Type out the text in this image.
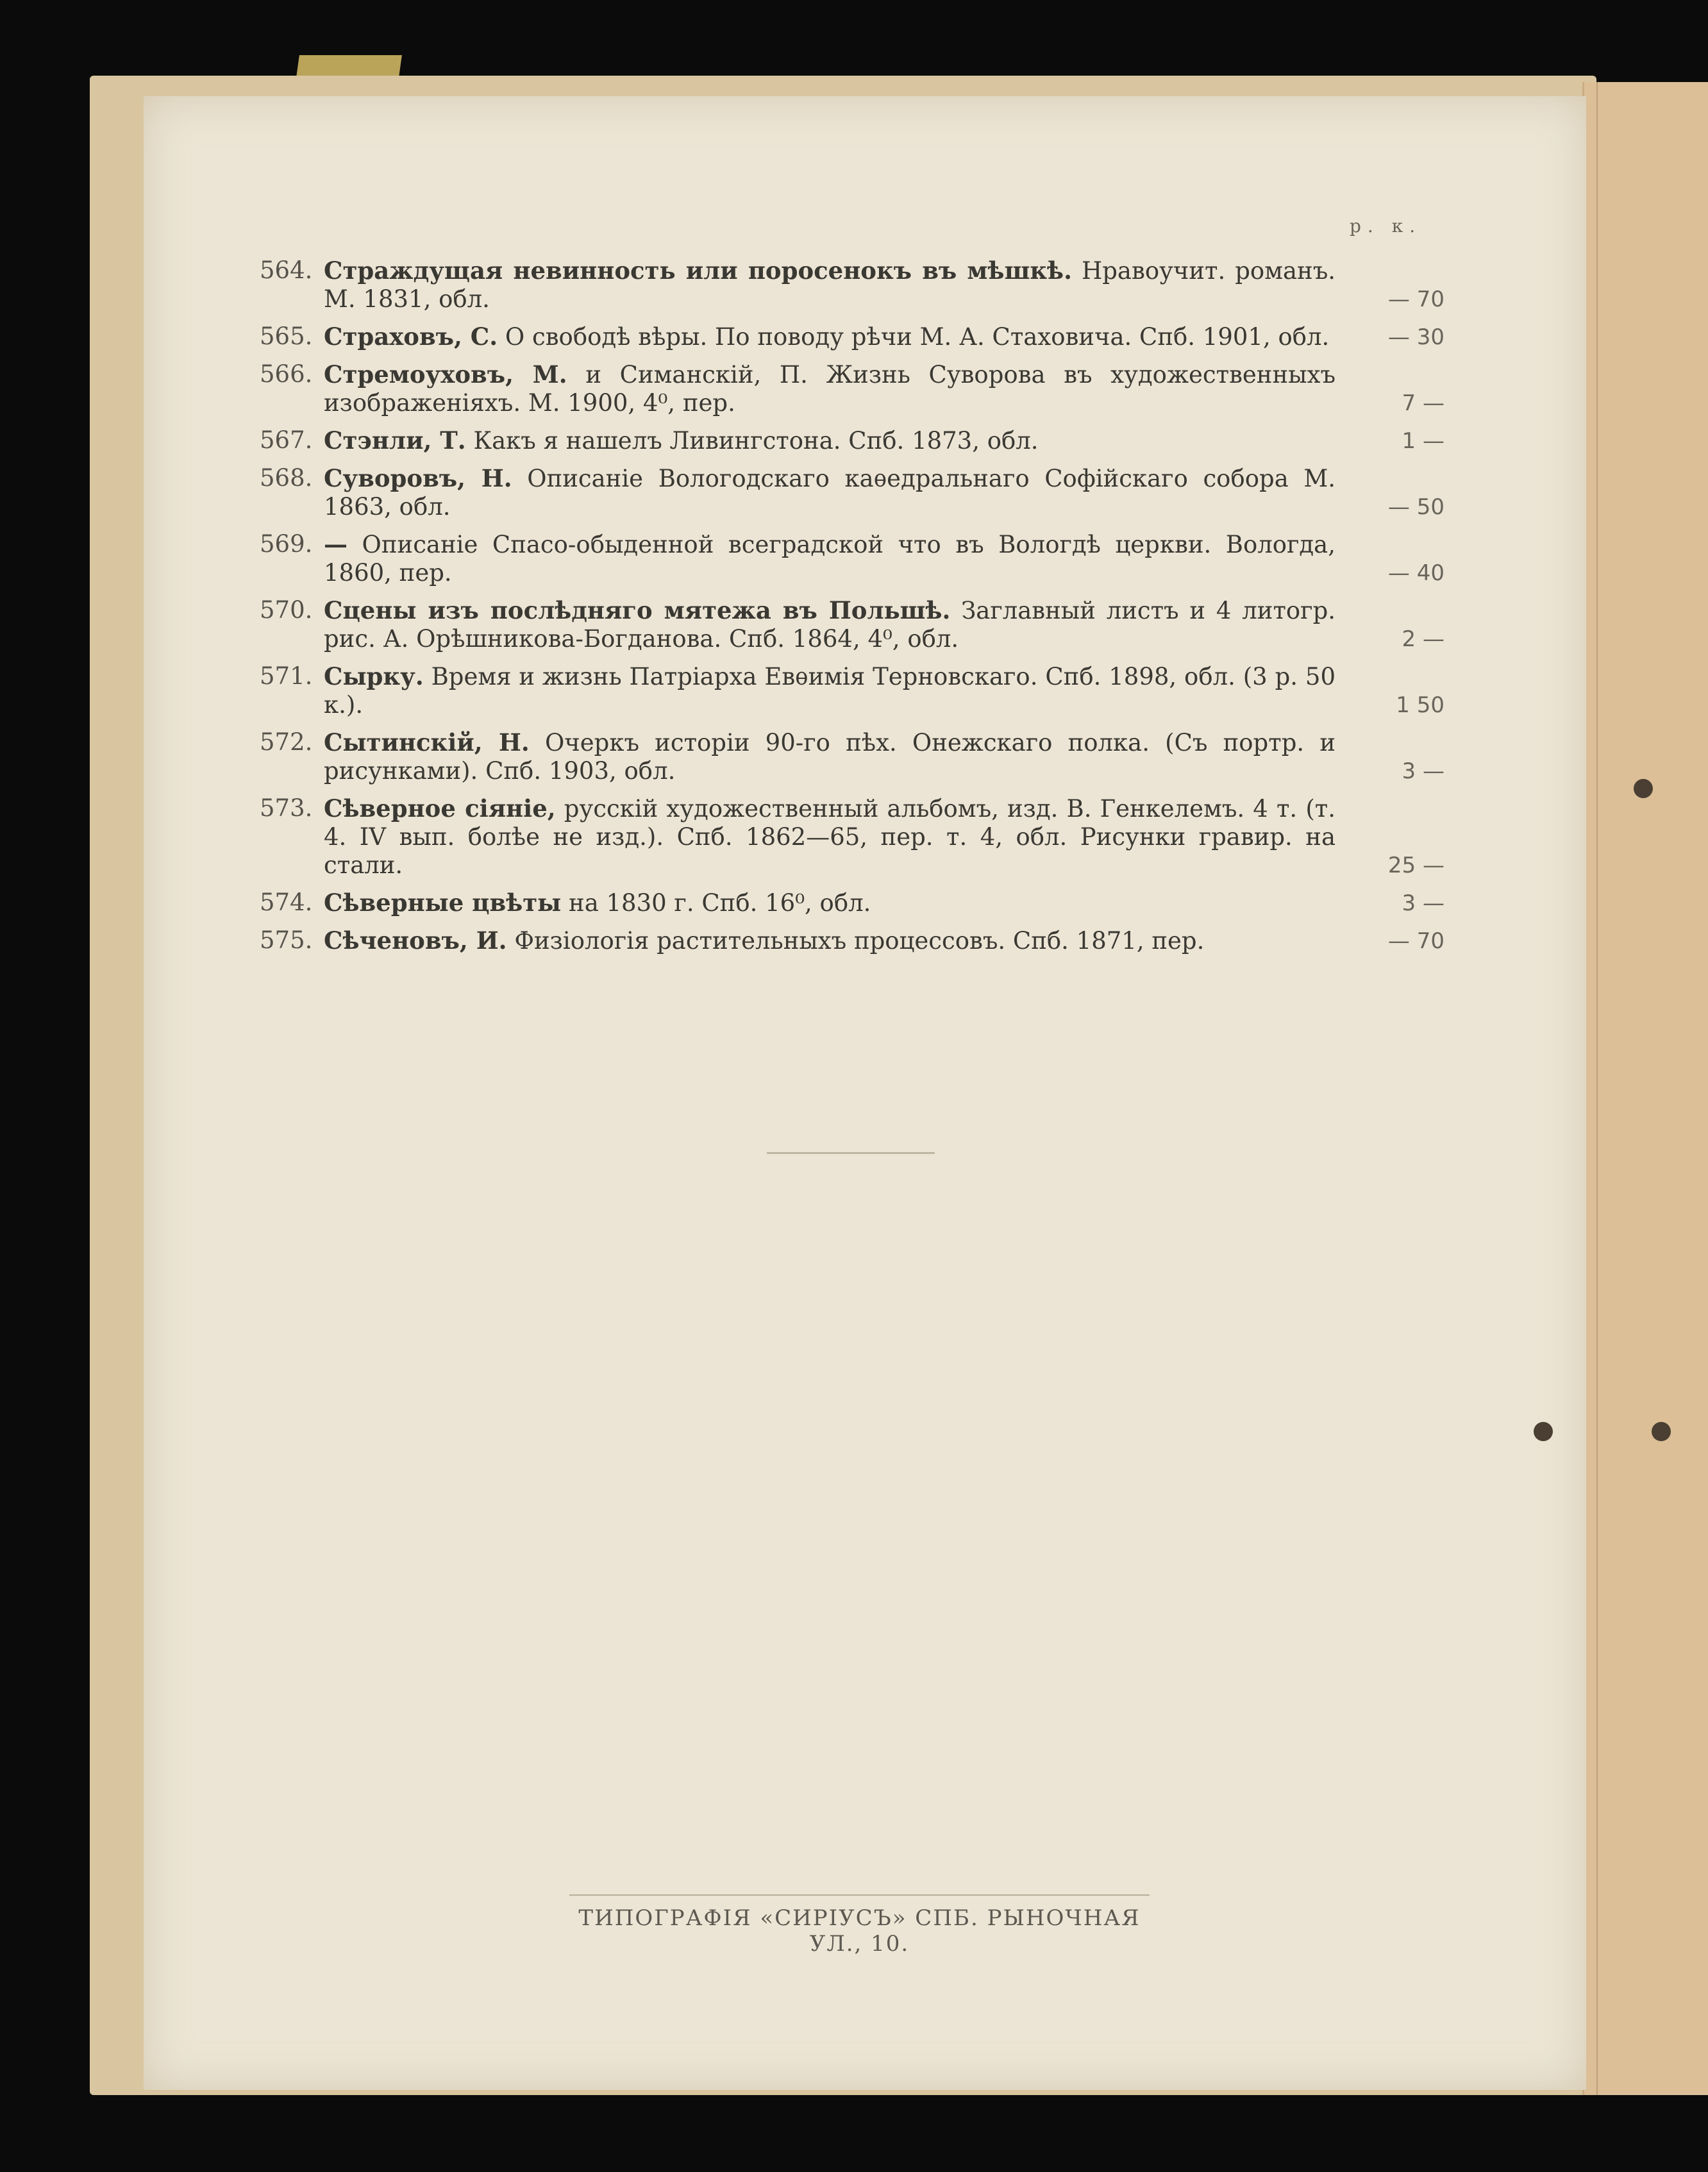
р. к.
564. Страждущая невинность или поросенокъ въ мѣшкѣ. Нравоучит. романъ. М. 1831, обл.	— 70
565. Страховъ, С. О свободѣ вѣры. По поводу рѣчи М. А. Стаховича. Спб. 1901, обл.	— 30
566. Стремоуховъ, М. и Симанскій, П. Жизнь Суворова въ художественныхъ изображеніяхъ. М. 1900, 4⁰, пер.	7 —
567. Стэнли, Т. Какъ я нашелъ Ливингстона. Спб. 1873, обл.	1 —
568. Суворовъ, Н. Описаніе Вологодскаго каѳедральнаго Софійскаго собора М. 1863, обл.	— 50
569. — Описаніе Спасо-обыденной всеградской что въ Вологдѣ церкви. Вологда, 1860, пер.	— 40
570. Сцены изъ послѣдняго мятежа въ Польшѣ. Заглавный листъ и 4 литогр. рис. А. Орѣшникова-Богданова. Спб. 1864, 4⁰, обл.	2 —
571. Сырку. Время и жизнь Патріарха Евѳимія Терновскаго. Спб. 1898, обл. (3 р. 50 к.).	1 50
572. Сытинскій, Н. Очеркъ исторіи 90-го пѣх. Онежскаго полка. (Съ портр. и рисунками). Спб. 1903, обл.	3 —
573. Сѣверное сіяніе, русскій художественный альбомъ, изд. В. Генкелемъ. 4 т. (т. 4. IV вып. болѣе не изд.). Спб. 1862—65, пер. т. 4, обл. Рисунки гравир. на стали.	25 —
574. Сѣверные цвѣты на 1830 г. Спб. 16⁰, обл.	3 —
575. Сѣченовъ, И. Физіологія растительныхъ процессовъ. Спб. 1871, пер.	— 70
ТИПОГРАФІЯ «СИРІУСЪ» СПБ. РЫНОЧНАЯ УЛ., 10.
